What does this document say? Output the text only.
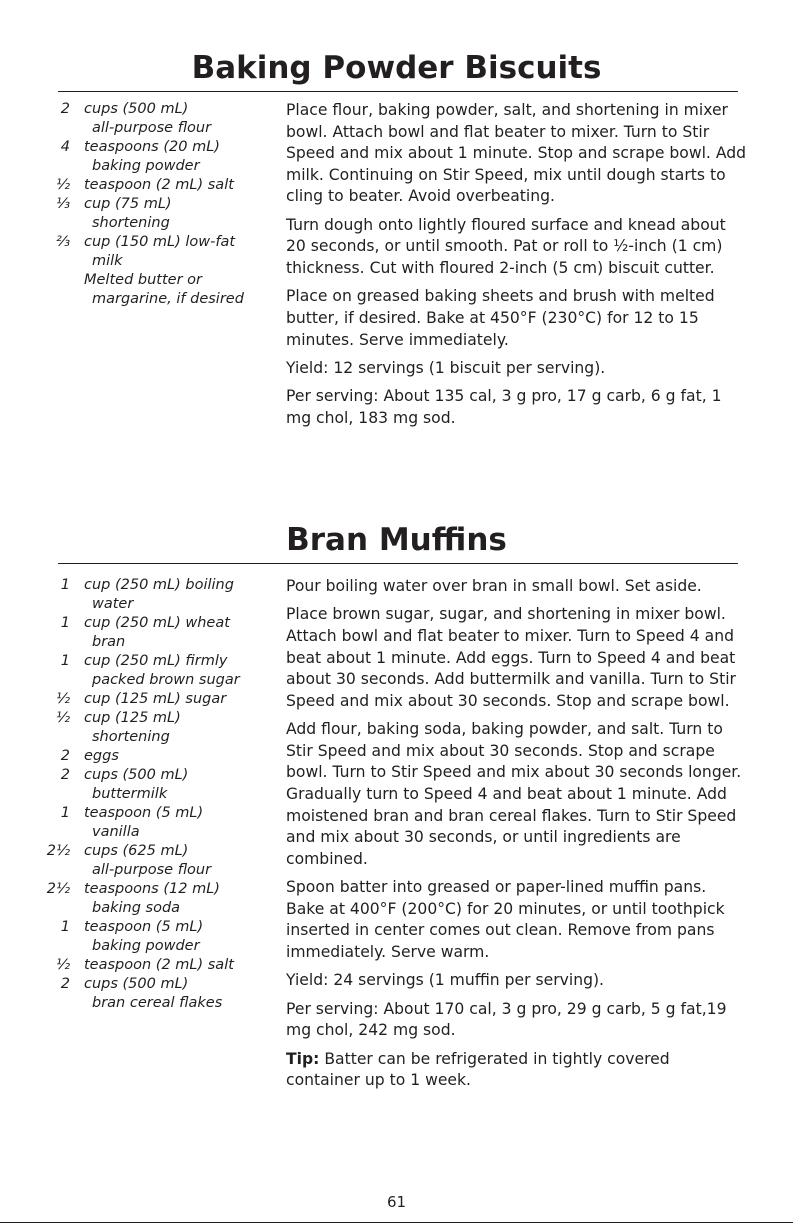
Baking Powder Biscuits
2 cups (500 mL)
all-purpose flour
4 teaspoons (20 mL)
baking powder
½ teaspoon (2 mL) salt
⅓ cup (75 mL)
shortening
⅔ cup (150 mL) low-fat
milk
Melted butter or
margarine, if desired

Place flour, baking powder, salt, and shortening in mixer bowl. Attach bowl and flat beater to mixer. Turn to Stir Speed and mix about 1 minute. Stop and scrape bowl. Add milk. Continuing on Stir Speed, mix until dough starts to cling to beater. Avoid overbeating.

Turn dough onto lightly floured surface and knead about 20 seconds, or until smooth. Pat or roll to ½-inch (1 cm) thickness. Cut with floured 2-inch (5 cm) biscuit cutter.

Place on greased baking sheets and brush with melted butter, if desired. Bake at 450°F (230°C) for 12 to 15 minutes. Serve immediately.

Yield: 12 servings (1 biscuit per serving).

Per serving: About 135 cal, 3 g pro, 17 g carb, 6 g fat, 1 mg chol, 183 mg sod.

Bran Muffins
1 cup (250 mL) boiling
water
1 cup (250 mL) wheat
bran
1 cup (250 mL) firmly
packed brown sugar
½ cup (125 mL) sugar
½ cup (125 mL)
shortening
2 eggs
2 cups (500 mL)
buttermilk
1 teaspoon (5 mL)
vanilla
2½ cups (625 mL)
all-purpose flour
2½ teaspoons (12 mL)
baking soda
1 teaspoon (5 mL)
baking powder
½ teaspoon (2 mL) salt
2 cups (500 mL)
bran cereal flakes

Pour boiling water over bran in small bowl. Set aside.

Place brown sugar, sugar, and shortening in mixer bowl. Attach bowl and flat beater to mixer. Turn to Speed 4 and beat about 1 minute. Add eggs. Turn to Speed 4 and beat about 30 seconds. Add buttermilk and vanilla. Turn to Stir Speed and mix about 30 seconds. Stop and scrape bowl.

Add flour, baking soda, baking powder, and salt. Turn to Stir Speed and mix about 30 seconds. Stop and scrape bowl. Turn to Stir Speed and mix about 30 seconds longer. Gradually turn to Speed 4 and beat about 1 minute. Add moistened bran and bran cereal flakes. Turn to Stir Speed and mix about 30 seconds, or until ingredients are combined.

Spoon batter into greased or paper-lined muffin pans. Bake at 400°F (200°C) for 20 minutes, or until toothpick inserted in center comes out clean. Remove from pans immediately. Serve warm.

Yield: 24 servings (1 muffin per serving).

Per serving: About 170 cal, 3 g pro, 29 g carb, 5 g fat,19 mg chol, 242 mg sod.

Tip: Batter can be refrigerated in tightly covered container up to 1 week.

61
